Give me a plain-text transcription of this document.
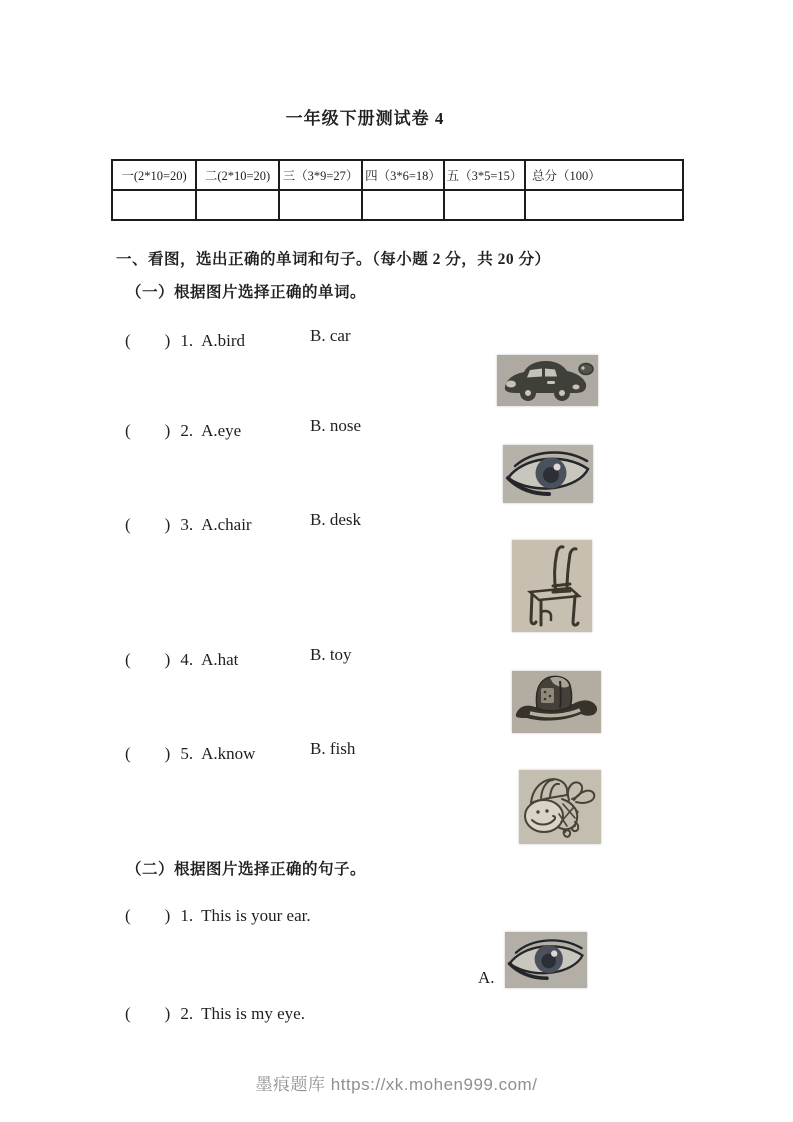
一年级下册测试卷 4
一(2*10=20)	二(2*10=20)	三（3*9=27）	四（3*6=18）	五（3*5=15）	总分（100）

一、看图，选出正确的单词和句子。（每小题 2 分，共 20 分）
（一）根据图片选择正确的单词。
(　　) 1. A.bird	B. car
(　　) 2. A.eye	B. nose
(　　) 3. A.chair	B. desk
(　　) 4. A.hat	B. toy
(　　) 5. A.know	B. fish
（二）根据图片选择正确的句子。
(　　) 1. This is your ear.
A.
(　　) 2. This is my eye.
墨痕题库 https://xk.mohen999.com/
